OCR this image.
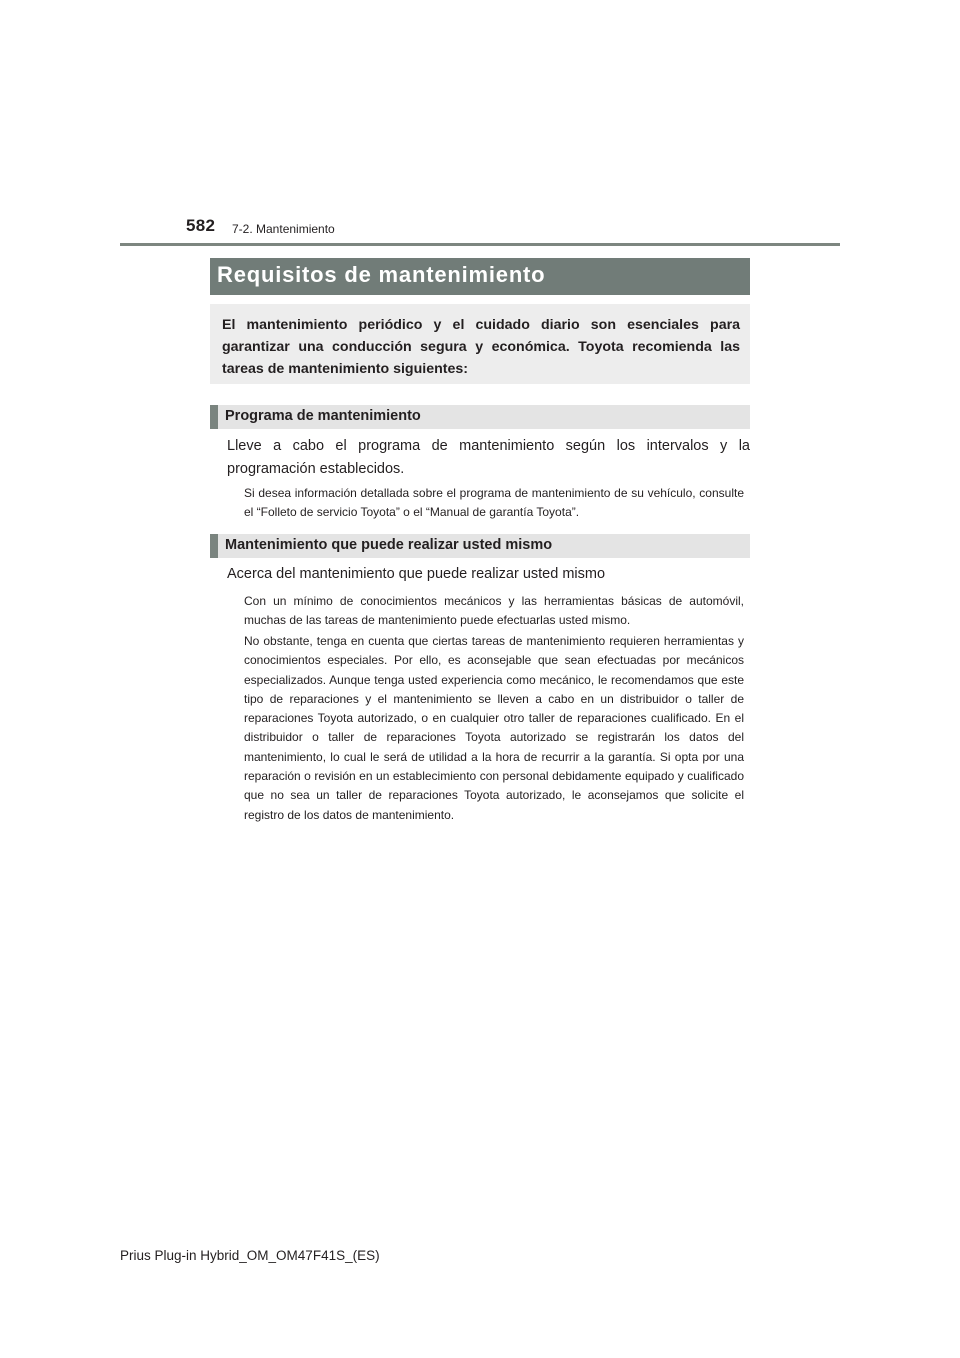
582 7-2. Mantenimiento
Requisitos de mantenimiento
El mantenimiento periódico y el cuidado diario son esenciales para garantizar una conducción segura y económica. Toyota recomienda las tareas de mantenimiento siguientes:
Programa de mantenimiento
Lleve a cabo el programa de mantenimiento según los intervalos y la programación establecidos.
Si desea información detallada sobre el programa de mantenimiento de su vehículo, consulte el “Folleto de servicio Toyota” o el “Manual de garantía Toyota”.
Mantenimiento que puede realizar usted mismo
Acerca del mantenimiento que puede realizar usted mismo
Con un mínimo de conocimientos mecánicos y las herramientas básicas de automóvil, muchas de las tareas de mantenimiento puede efectuarlas usted mismo.
No obstante, tenga en cuenta que ciertas tareas de mantenimiento requieren herramientas y conocimientos especiales. Por ello, es aconsejable que sean efectuadas por mecánicos especializados. Aunque tenga usted experiencia como mecánico, le recomendamos que este tipo de reparaciones y el mantenimiento se lleven a cabo en un distribuidor o taller de reparaciones Toyota autorizado, o en cualquier otro taller de reparaciones cualificado. En el distribuidor o taller de reparaciones Toyota autorizado se registrarán los datos del mantenimiento, lo cual le será de utilidad a la hora de recurrir a la garantía. Si opta por una reparación o revisión en un establecimiento con personal debidamente equipado y cualificado que no sea un taller de reparaciones Toyota autorizado, le aconsejamos que solicite el registro de los datos de mantenimiento.
Prius Plug-in Hybrid_OM_OM47F41S_(ES)
